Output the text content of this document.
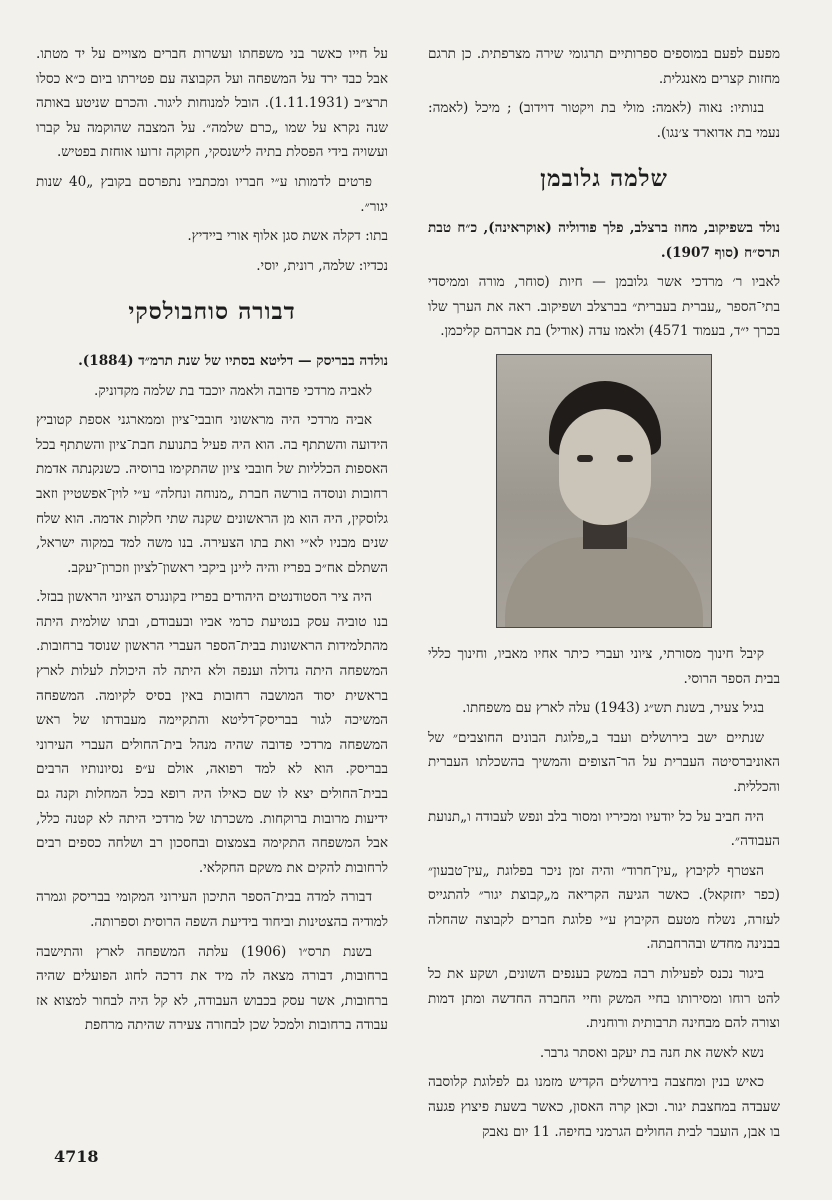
מפעם לפעם במוספים ספרותיים תרגומי שירה מצרפתית. כן תרגם מחזות קצרים מאנגלית.

בנותיו: נאוה (לאמה: מולי בת ויקטור דוידוב) ; מיכל (לאמה: נעמי בת אדוארד צ׳נגו).

שלמה גלובמן

נולד בשפיקוב, מחוז ברצלב, פלך פודוליה (אוקראינה), כ״ח טבת תרס״ח (סוף 1907).

לאביו ר׳ מרדכי אשר גלובמן — חיות (סוחר, מורה וממיסדי בתי־הספר „עברית בעברית״ בברצלב ושפיקוב. ראה את הערך שלו בכרך י״ד, בעמוד 4571) ולאמו עדה (אודיל) בת אברהם קליכמן.

קיבל חינוך מסורתי, ציוני ועברי כיתר אחיו מאביו, וחינוך כללי בבית הספר הרוסי.

בגיל צעיר, בשנת תש״ג (1943) עלה לארץ עם משפחתו.

שנתיים ישב בירושלים ועבד ב„פלוגת הבונים החוצבים״ של האוניברסיטה העברית על הר־הצופים והמשיך בהשכלתו העברית והכללית.

היה חביב על כל יודעיו ומכיריו ומסור בלב ונפש לעבודה ו„תנועת העבודה״.

הצטרף לקיבוץ „עין־חרוד״ והיה זמן ניכר בפלוגת „עין־טבעון״ (כפר יחזקאל). כאשר הגיעה הקריאה מ„קבוצת יגור״ להתגייס לעזרה, נשלח מטעם הקיבוץ ע״י פלוגת חברים לקבוצה שהחלה בבנינה מחדש ובהרחבתה.

ביגור נכנס לפעילות רבה במשק בענפים השונים, ושקע את כל להט רוחו ומסירותו בחיי המשק וחיי החברה החדשה ומתן דמות וצורה להם מבחינה תרבותית ורוחנית.

נשא לאשה את חנה בת יעקב ואסתר גרבר.

כאיש בנין ומחצבה בירושלים הקדיש מזמנו גם לפלוגת קלוסבה שעבדה במחצבת יגור. וכאן קרה האסון, כאשר בשעת פיצוץ פגעה בו אבן, הועבר לבית החולים הגרמני בחיפה. 11 יום נאבק

על חייו כאשר בני משפחתו ועשרות חברים מצויים על יד מטתו. אבל כבד ירד על המשפחה ועל הקבוצה עם פטירתו ביום כ״א כסלו תרצ״ב (1.11.1931). הובל למנוחות ליגור. והכרם שניטע באותה שנה נקרא על שמו „כרם שלמה״. על המצבה שהוקמה על קברו ועשויה בידי הפסלת בתיה לישנסקי, חקוקה זרועו אוחזת בפטיש.

פרטים לדמותו ע״י חבריו ומכתביו נתפרסם בקובץ „40 שנות יגור״.

בתו: דקלה אשת סגן אלוף אורי ביידיץ.

נכדיו: שלמה, רונית, יוסי.

דבורה סוחבולסקי

נולדה בבריסק — דליטא בסתיו של שנת תרמ״ד (1884).

לאביה מרדכי פדובה ולאמה יוכבד בת שלמה מקדוניק.

אביה מרדכי היה מראשוני חובבי־ציון וממארגני אספת קטוביץ הידועה והשתתף בה. הוא היה פעיל בתנועת חבת־ציון והשתתף בכל האספות הכלליות של חובבי ציון שהתקימו ברוסיה. כשנקנתה אדמת רחובות ונוסדה בורשה חברת „מנוחה ונחלה״ ע״י לוין־אפשטיין וזאב גלוסקין, היה הוא מן הראשונים שקנה שתי חלקות אדמה. הוא שלח שנים מבניו לא״י ואת בתו הצעירה. בנו משה למד במקוה ישראל, השתלם אח״כ בפריז והיה ליינן ביקבי ראשון־לציון וזכרון־יעקב.

היה ציר הסטודנטים היהודים בפריז בקונגרס הציוני הראשון בבזל. בנו טוביה עסק בנטיעת כרמי אביו ובעבודם, ובתו שולמית היתה מהתלמידות הראשונות בבית־הספר העברי הראשון שנוסד ברחובות. המשפחה היתה גדולה וענפה ולא היתה לה היכולת לעלות לארץ בראשית יסוד המושבה רחובות באין בסיס לקיומה. המשפחה המשיכה לגור בבריסק־דליטא והתקיימה מעבודתו של ראש המשפחה מרדכי פדובה שהיה מנהל בית־החולים העברי העירוני בבריסק. הוא לא למד רפואה, אולם ע״פ נסיונותיו הרבים בבית־החולים יצא לו שם כאילו היה רופא בכל המחלות וקנה גם ידיעות מרובות ברוקחות. משכרתו של מרדכי היתה לא קטנה כלל, אבל המשפחה התקימה בצמצום ובחסכון רב ושלחה כספים רבים לרחובות להקים את משקם החקלאי.

דבורה למדה בבית־הספר התיכון העירוני המקומי בבריסק וגמרה למודיה בהצטינות וביחוד בידיעת השפה הרוסית וספרותה.

בשנת תרס״ו (1906) עלתה המשפחה לארץ והתישבה ברחובות, דבורה מצאה לה מיד את דרכה לחוג הפועלים שהיה ברחובות, אשר עסק בכבוש העבודה, לא קל היה לבחור למצוא אז עבודה ברחובות ולמכל שכן לבחורה צעירה שהיתה מרחפת

4718
